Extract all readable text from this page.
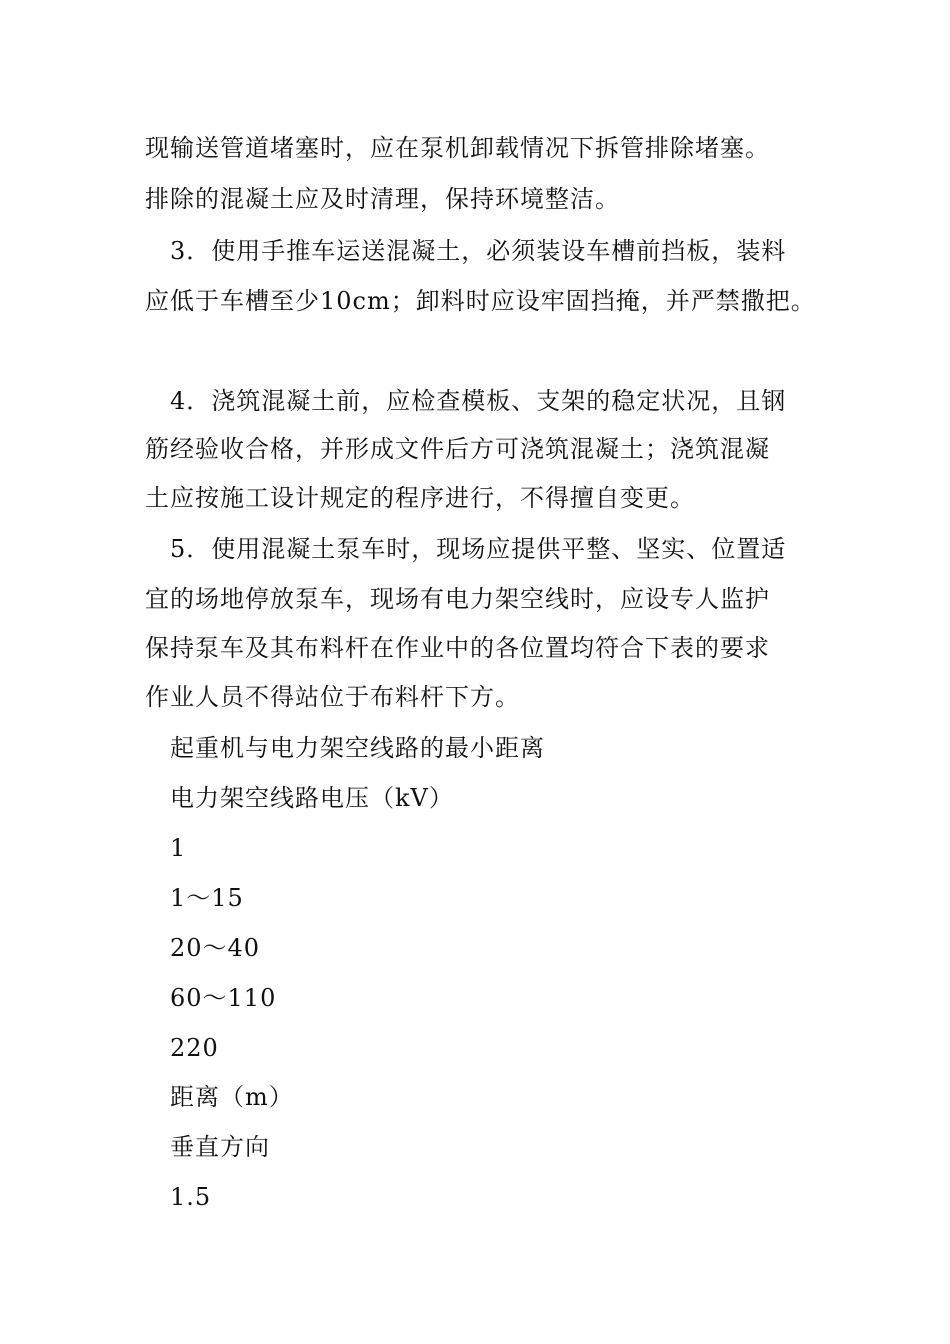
现输送管道堵塞时，应在泵机卸载情况下拆管排除堵塞。
排除的混凝土应及时清理，保持环境整洁。
3．使用手推车运送混凝土，必须装设车槽前挡板，装料
应低于车槽至少10cm；卸料时应设牢固挡掩，并严禁撒把。
4．浇筑混凝土前，应检查模板、支架的稳定状况，且钢
筋经验收合格，并形成文件后方可浇筑混凝土；浇筑混凝
土应按施工设计规定的程序进行，不得擅自变更。
5．使用混凝土泵车时，现场应提供平整、坚实、位置适
宜的场地停放泵车，现场有电力架空线时，应设专人监护
保持泵车及其布料杆在作业中的各位置均符合下表的要求
作业人员不得站位于布料杆下方。
起重机与电力架空线路的最小距离
电力架空线路电压（kV）
1
1～15
20～40
60～110
220
距离（m）
垂直方向
1.5
